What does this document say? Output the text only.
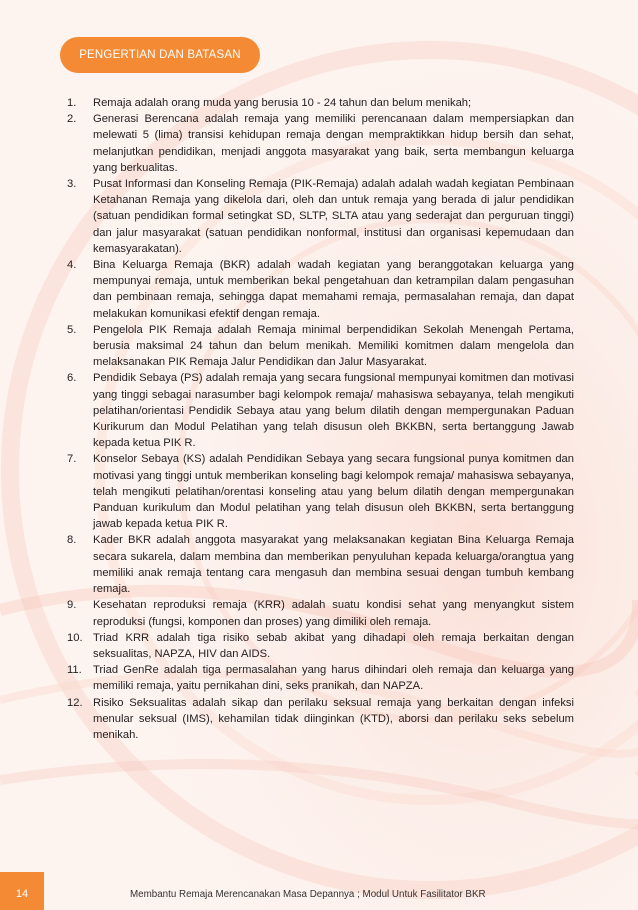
PENGERTIAN DAN BATASAN
1.	Remaja adalah orang muda yang berusia 10 - 24 tahun dan belum menikah;
2.	Generasi Berencana adalah remaja yang memiliki perencanaan dalam mempersiapkan dan melewati 5 (lima) transisi kehidupan remaja dengan mempraktikkan hidup bersih dan sehat, melanjutkan pendidikan, menjadi anggota masyarakat yang baik, serta membangun keluarga yang berkualitas.
3.	Pusat Informasi dan Konseling Remaja (PIK-Remaja) adalah adalah wadah kegiatan Pembinaan Ketahanan Remaja yang dikelola dari, oleh dan untuk remaja yang berada di jalur pendidikan (satuan pendidikan formal setingkat SD, SLTP, SLTA atau yang sederajat dan perguruan tinggi) dan jalur masyarakat (satuan pendidikan nonformal, institusi dan organisasi kepemudaan dan kemasyarakatan).
4.	Bina Keluarga Remaja (BKR) adalah wadah kegiatan yang beranggotakan keluarga yang mempunyai remaja, untuk memberikan bekal pengetahuan dan ketrampilan dalam pengasuhan dan pembinaan remaja, sehingga dapat memahami remaja, permasalahan remaja, dan dapat melakukan komunikasi efektif dengan remaja.
5.	Pengelola PIK Remaja adalah Remaja minimal berpendidikan Sekolah Menengah Pertama, berusia maksimal 24 tahun dan belum menikah. Memiliki komitmen dalam mengelola dan melaksanakan PIK Remaja Jalur Pendidikan dan Jalur Masyarakat.
6.	Pendidik Sebaya (PS) adalah remaja yang secara fungsional mempunyai komitmen dan motivasi yang tinggi sebagai narasumber bagi kelompok remaja/ mahasiswa sebayanya, telah mengikuti pelatihan/orientasi Pendidik Sebaya atau yang belum dilatih dengan mempergunakan Paduan Kurikurum dan Modul Pelatihan yang telah disusun oleh BKKBN, serta bertanggung Jawab kepada ketua PIK R.
7.	Konselor Sebaya (KS) adalah Pendidikan Sebaya yang secara fungsional punya komitmen dan motivasi yang tinggi untuk memberikan konseling bagi kelompok remaja/ mahasiswa sebayanya, telah mengikuti pelatihan/orentasi konseling atau yang belum dilatih dengan mempergunakan Panduan kurikulum dan Modul pelatihan yang telah disusun oleh BKKBN, serta bertanggung jawab kepada ketua PIK R.
8.	Kader BKR adalah anggota masyarakat yang melaksanakan kegiatan Bina Keluarga Remaja secara sukarela, dalam membina dan memberikan penyuluhan kepada keluarga/orangtua yang memiliki anak remaja tentang cara mengasuh dan membina sesuai dengan tumbuh kembang remaja.
9.	Kesehatan reproduksi remaja (KRR) adalah suatu kondisi sehat yang menyangkut sistem reproduksi (fungsi, komponen dan proses) yang dimiliki oleh remaja.
10. Triad KRR adalah tiga risiko sebab akibat yang dihadapi oleh remaja berkaitan dengan seksualitas, NAPZA, HIV dan AIDS.
11.	Triad GenRe adalah tiga permasalahan yang harus dihindari oleh remaja dan keluarga yang memiliki remaja, yaitu pernikahan dini, seks pranikah, dan NAPZA.
12. Risiko Seksualitas adalah sikap dan perilaku seksual remaja yang berkaitan dengan infeksi menular seksual (IMS), kehamilan tidak diinginkan (KTD), aborsi dan perilaku seks sebelum menikah.
14	Membantu Remaja Merencanakan Masa Depannya ; Modul Untuk Fasilitator BKR
